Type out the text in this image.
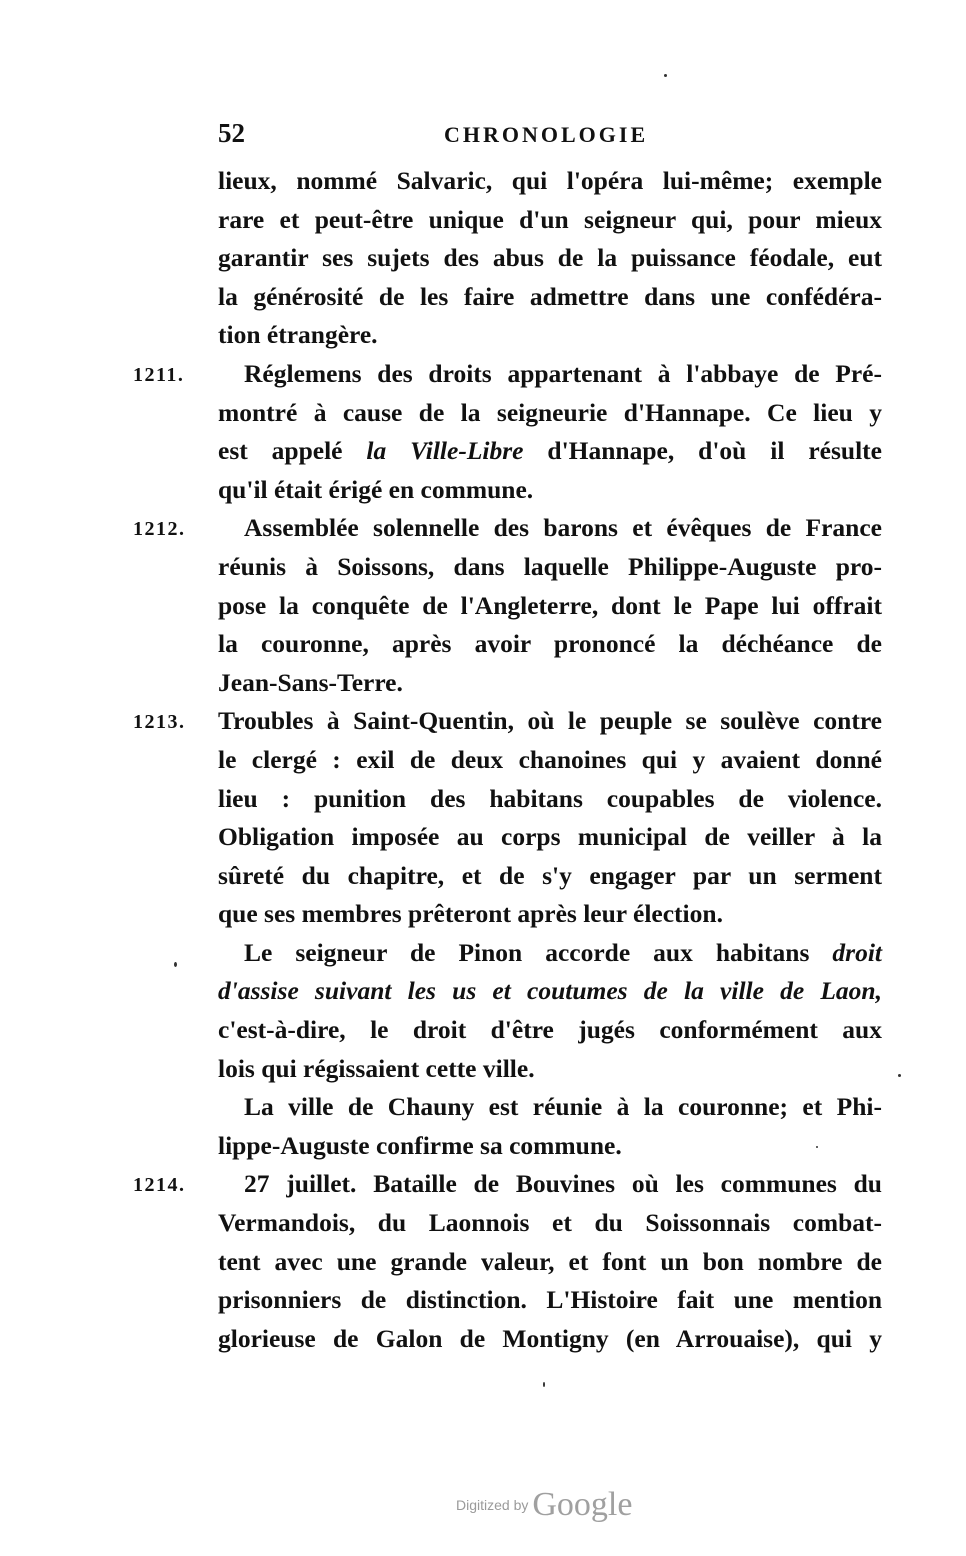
52	CHRONOLOGIE
lieux, nommé Salvaric, qui l'opéra lui-même; exemple
rare et peut-être unique d'un seigneur qui, pour mieux
garantir ses sujets des abus de la puissance féodale, eut
la générosité de les faire admettre dans une confédéra-
tion étrangère.
1211. Réglemens des droits appartenant à l'abbaye de Pré-
montré à cause de la seigneurie d'Hannape. Ce lieu y
est appelé la Ville-Libre d'Hannape, d'où il résulte
qu'il était érigé en commune.
1212. Assemblée solennelle des barons et évêques de France
réunis à Soissons, dans laquelle Philippe-Auguste pro-
pose la conquête de l'Angleterre, dont le Pape lui offrait
la couronne, après avoir prononcé la déchéance de
Jean-Sans-Terre.
1213. Troubles à Saint-Quentin, où le peuple se soulève contre
le clergé : exil de deux chanoines qui y avaient donné
lieu : punition des habitans coupables de violence.
Obligation imposée au corps municipal de veiller à la
sûreté du chapitre, et de s'y engager par un serment
que ses membres prêteront après leur élection.
Le seigneur de Pinon accorde aux habitans droit
d'assise suivant les us et coutumes de la ville de Laon,
c'est-à-dire, le droit d'être jugés conformément aux
lois qui régissaient cette ville.
La ville de Chauny est réunie à la couronne; et Phi-
lippe-Auguste confirme sa commune.
1214. 27 juillet. Bataille de Bouvines où les communes du
Vermandois, du Laonnois et du Soissonnais combat-
tent avec une grande valeur, et font un bon nombre de
prisonniers de distinction. L'Histoire fait une mention
glorieuse de Galon de Montigny (en Arrouaise), qui y
Digitized by Google
